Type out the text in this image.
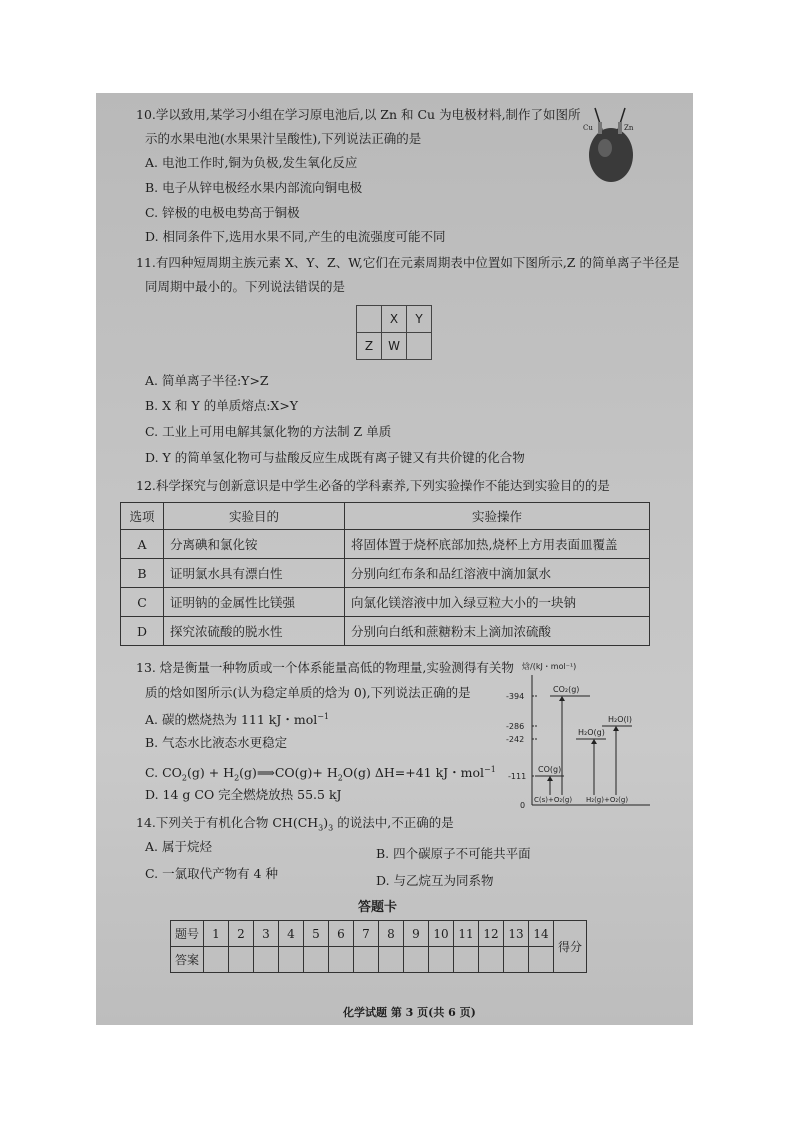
10.学以致用,某学习小组在学习原电池后,以 Zn 和 Cu 为电极材料,制作了如图所
示的水果电池(水果果汁呈酸性),下列说法正确的是
A. 电池工作时,铜为负极,发生氧化反应
B. 电子从锌电极经水果内部流向铜电极
C. 锌极的电极电势高于铜极
D. 相同条件下,选用水果不同,产生的电流强度可能不同
Cu	Zn
11.有四种短周期主族元素 X、Y、Z、W,它们在元素周期表中位置如下图所示,Z 的简单离子半径是
同周期中最小的。下列说法错误的是
	X	Y
Z	W	
A. 简单离子半径:Y>Z
B. X 和 Y 的单质熔点:X>Y
C. 工业上可用电解其氯化物的方法制 Z 单质
D. Y 的简单氢化物可与盐酸反应生成既有离子键又有共价键的化合物
12.科学探究与创新意识是中学生必备的学科素养,下列实验操作不能达到实验目的的是
选项	实验目的	实验操作
A	分离碘和氯化铵	将固体置于烧杯底部加热,烧杯上方用表面皿覆盖
B	证明氯水具有漂白性	分别向红布条和品红溶液中滴加氯水
C	证明钠的金属性比镁强	向氯化镁溶液中加入绿豆粒大小的一块钠
D	探究浓硫酸的脱水性	分别向白纸和蔗糖粉末上滴加浓硫酸
13. 焓是衡量一种物质或一个体系能量高低的物理量,实验测得有关物
质的焓如图所示(认为稳定单质的焓为 0),下列说法正确的是
A. 碳的燃烧热为 111 kJ・mol$^{-1}$
B. 气态水比液态水更稳定
C. $CO_2(g)$ + $H_2(g)⟹CO(g)+ H_2O(g)$ ΔH=+41 kJ・mol$^{-1}$
D. 14 g CO 完全燃烧放热 55.5 kJ
焓/(kJ・mol⁻¹)
-394
-286
-242
-111
0
CO₂(g)
H₂O(l)
H₂O(g)
CO(g)
C(s)+O₂(g) H₂(g)+O₂(g)
14.下列关于有机化合物 $CH(CH_3)_3$ 的说法中,不正确的是
A. 属于烷烃	B. 四个碳原子不可能共平面
C. 一氯取代产物有 4 种	D. 与乙烷互为同系物
答题卡
题号	1	2	3	4	5	6	7	8	9	10	11	12	13	14	得分
答案															
化学试题 第 3 页(共 6 页)
